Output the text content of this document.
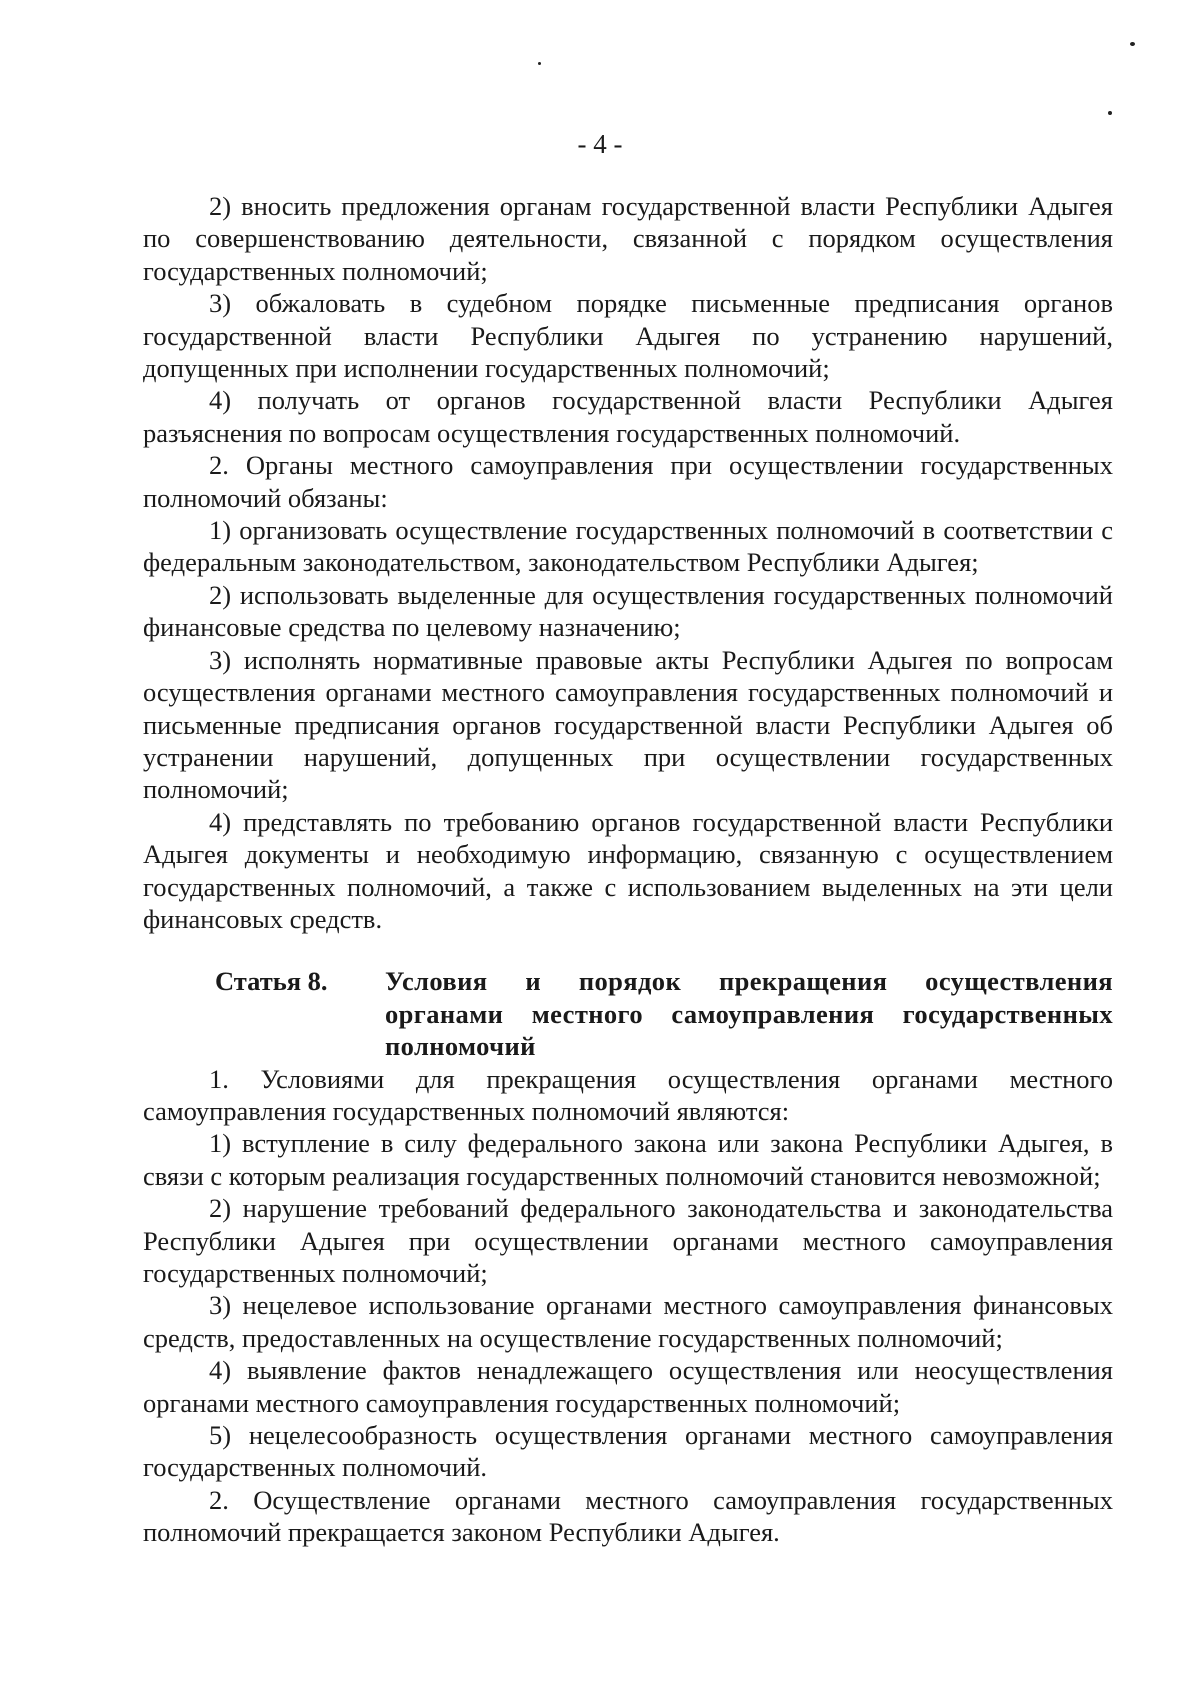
- 4 -

2) вносить предложения органам государственной власти Республики Адыгея по совершенствованию деятельности, связанной с порядком осуществления государственных полномочий;

3) обжаловать в судебном порядке письменные предписания органов государственной власти Республики Адыгея по устранению нарушений, допущенных при исполнении государственных полномочий;

4) получать от органов государственной власти Республики Адыгея разъяснения по вопросам осуществления государственных полномочий.

2. Органы местного самоуправления при осуществлении государственных полномочий обязаны:

1) организовать осуществление государственных полномочий в соответствии с федеральным законодательством, законодательством Республики Адыгея;

2) использовать выделенные для осуществления государственных полномочий финансовые средства по целевому назначению;

3) исполнять нормативные правовые акты Республики Адыгея по вопросам осуществления органами местного самоуправления государственных полномочий и письменные предписания органов государственной власти Республики Адыгея об устранении нарушений, допущенных при осуществлении государственных полномочий;

4) представлять по требованию органов государственной власти Республики Адыгея документы и необходимую информацию, связанную с осуществлением государственных полномочий, а также с использованием выделенных на эти цели финансовых средств.

Статья 8.	Условия и порядок прекращения осуществления органами местного самоуправления государственных полномочий

1. Условиями для прекращения осуществления органами местного самоуправления государственных полномочий являются:

1) вступление в силу федерального закона или закона Республики Адыгея, в связи с которым реализация государственных полномочий становится невозможной;

2) нарушение требований федерального законодательства и законодательства Республики Адыгея при осуществлении органами местного самоуправления государственных полномочий;

3) нецелевое использование органами местного самоуправления финансовых средств, предоставленных на осуществление государственных полномочий;

4) выявление фактов ненадлежащего осуществления или неосуществления органами местного самоуправления государственных полномочий;

5) нецелесообразность осуществления органами местного самоуправления государственных полномочий.

2. Осуществление органами местного самоуправления государственных полномочий прекращается законом Республики Адыгея.
